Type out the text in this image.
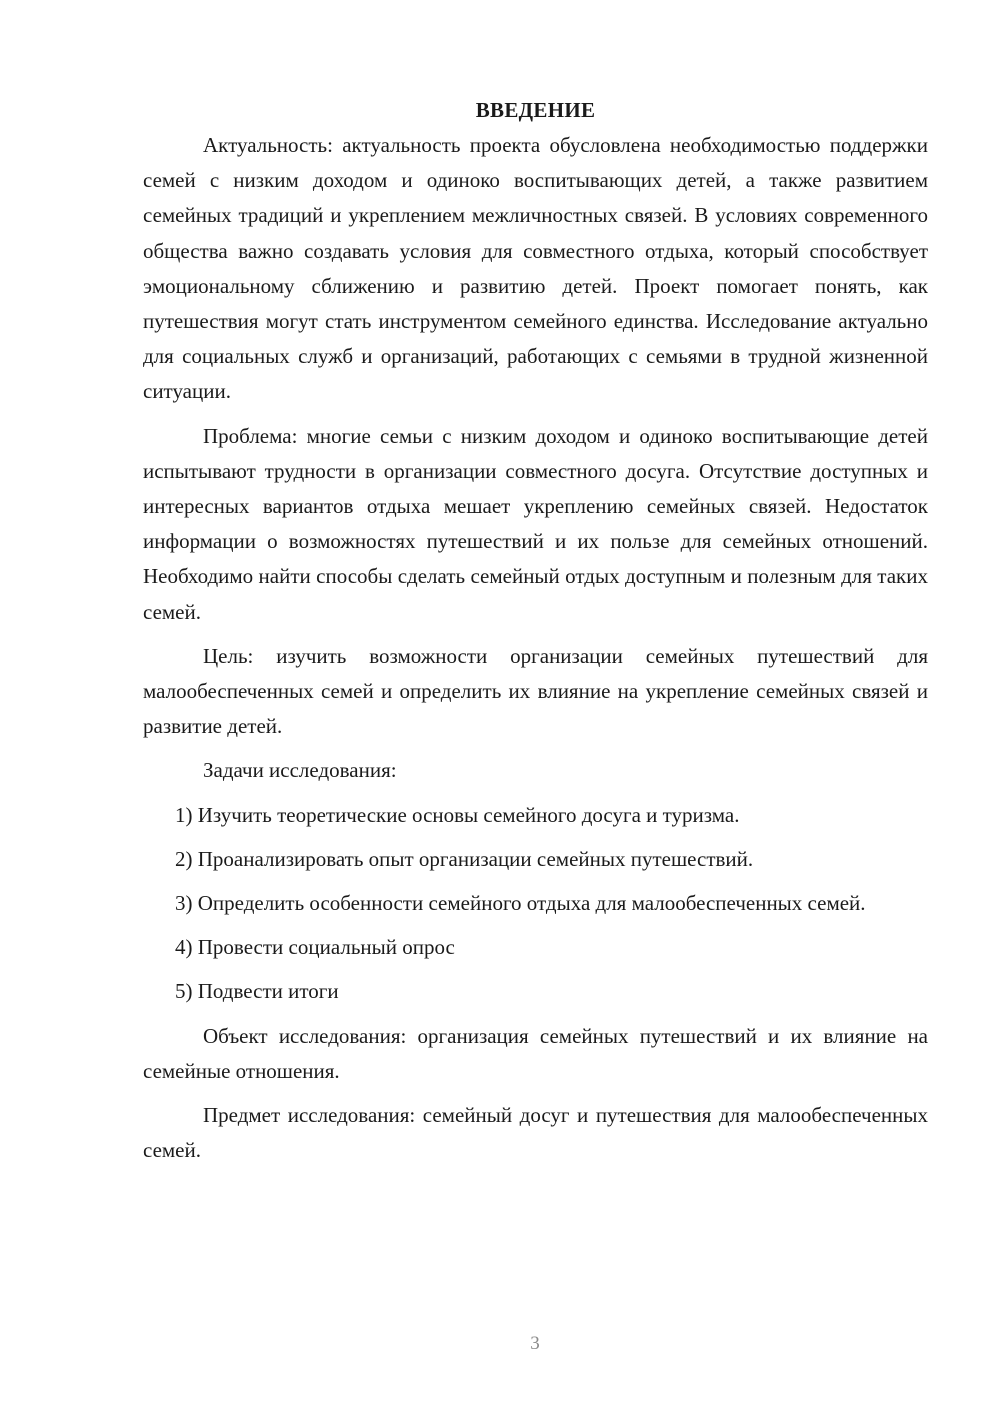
ВВЕДЕНИЕ

Актуальность: актуальность проекта обусловлена необходимостью поддержки семей с низким доходом и одиноко воспитывающих детей, а также развитием семейных традиций и укреплением межличностных связей. В условиях современного общества важно создавать условия для совместного отдыха, который способствует эмоциональному сближению и развитию детей. Проект помогает понять, как путешествия могут стать инструментом семейного единства. Исследование актуально для социальных служб и организаций, работающих с семьями в трудной жизненной ситуации.

Проблема: многие семьи с низким доходом и одиноко воспитывающие детей испытывают трудности в организации совместного досуга. Отсутствие доступных и интересных вариантов отдыха мешает укреплению семейных связей. Недостаток информации о возможностях путешествий и их пользе для семейных отношений. Необходимо найти способы сделать семейный отдых доступным и полезным для таких семей.

Цель: изучить возможности организации семейных путешествий для малообеспеченных семей и определить их влияние на укрепление семейных связей и развитие детей.

Задачи исследования:

1) Изучить теоретические основы семейного досуга и туризма.

2) Проанализировать опыт организации семейных путешествий.

3) Определить особенности семейного отдыха для малообеспеченных семей.

4) Провести социальный опрос

5) Подвести итоги

Объект исследования: организация семейных путешествий и их влияние на семейные отношения.

Предмет исследования: семейный досуг и путешествия для малообеспеченных семей.

3
